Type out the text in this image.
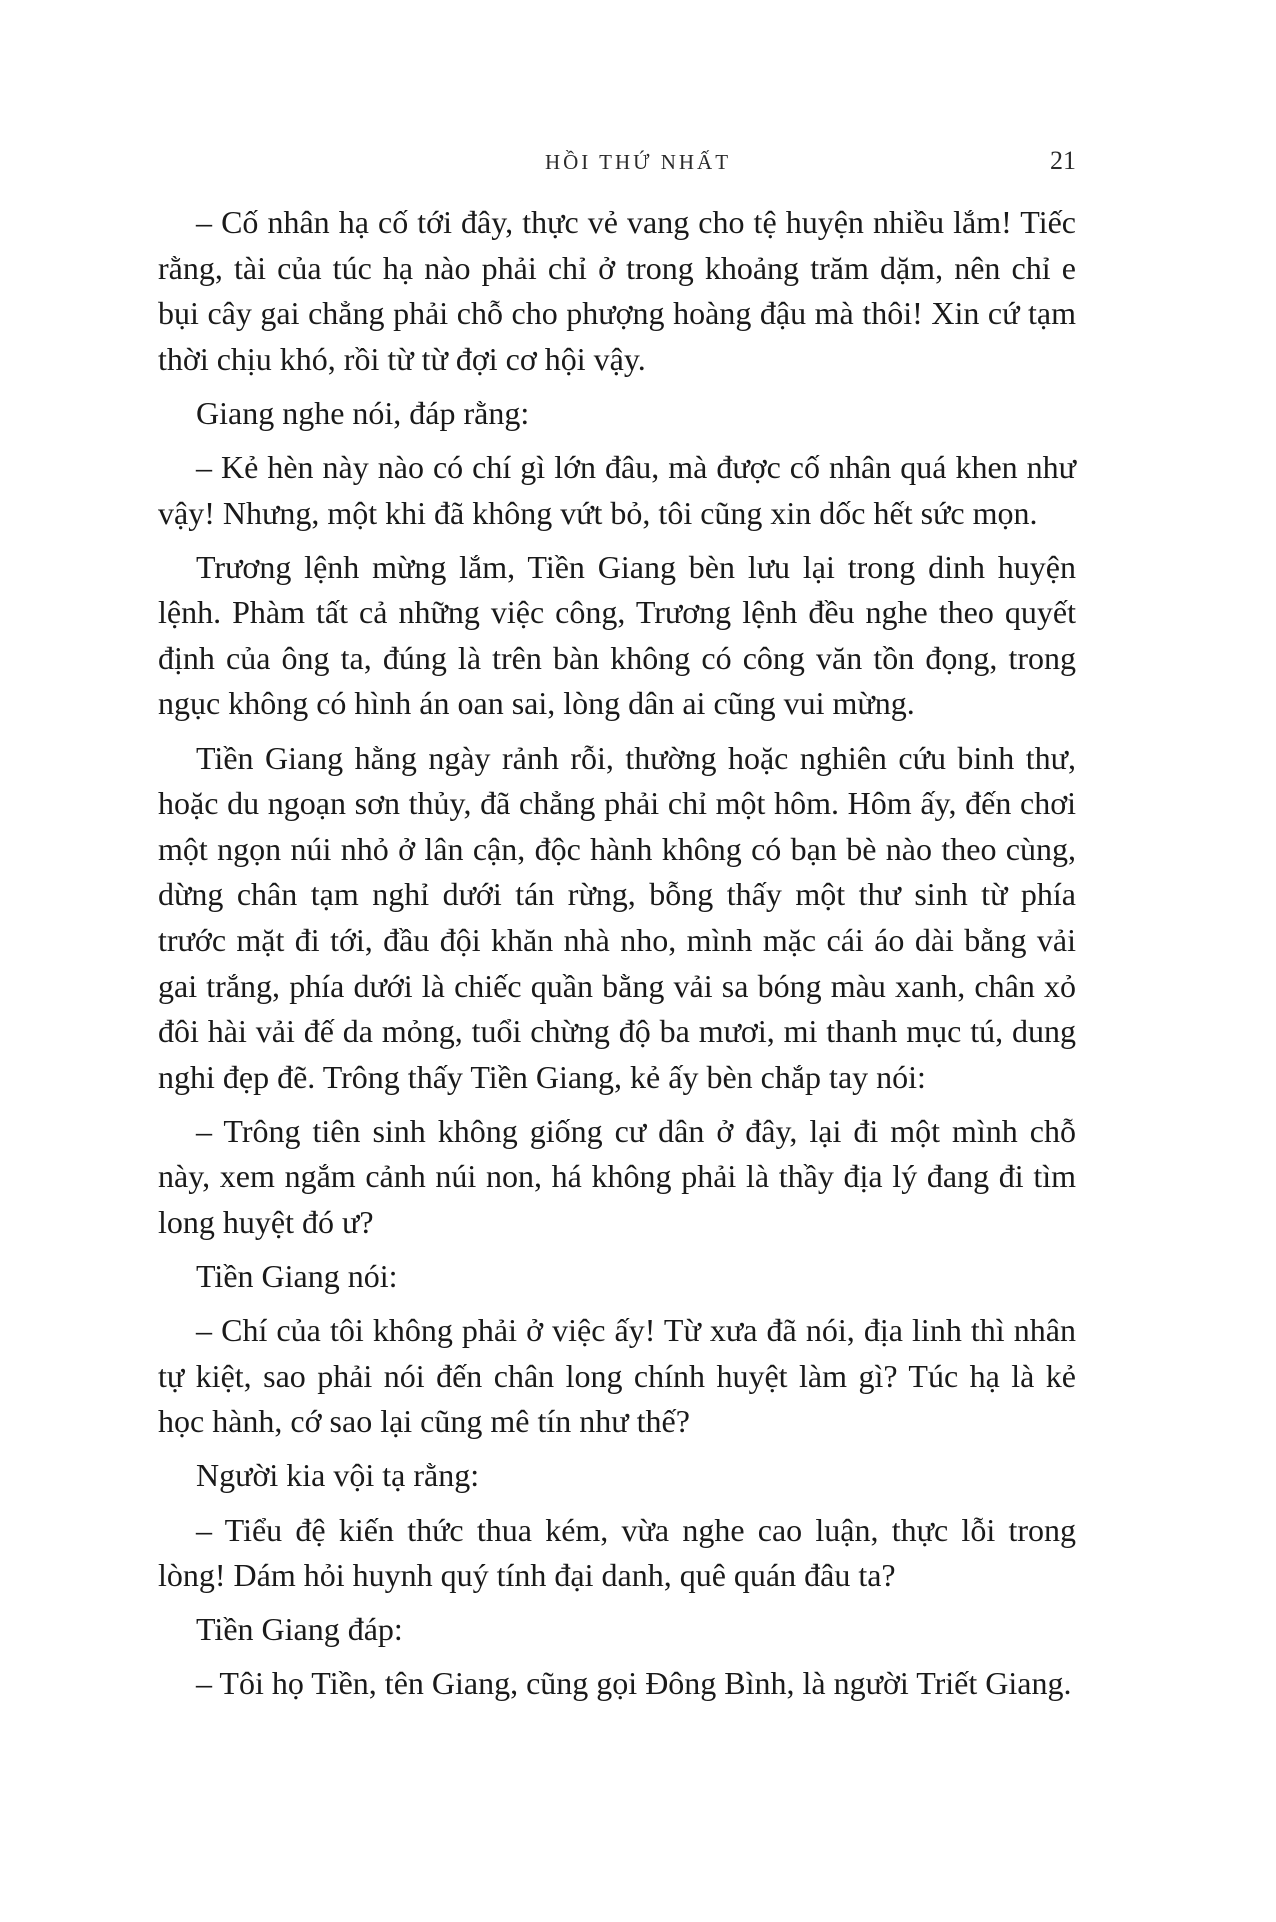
HỒI THỨ NHẤT	21

– Cố nhân hạ cố tới đây, thực vẻ vang cho tệ huyện nhiều lắm! Tiếc rằng, tài của túc hạ nào phải chỉ ở trong khoảng trăm dặm, nên chỉ e bụi cây gai chẳng phải chỗ cho phượng hoàng đậu mà thôi! Xin cứ tạm thời chịu khó, rồi từ từ đợi cơ hội vậy.

Giang nghe nói, đáp rằng:

– Kẻ hèn này nào có chí gì lớn đâu, mà được cố nhân quá khen như vậy! Nhưng, một khi đã không vứt bỏ, tôi cũng xin dốc hết sức mọn.

Trương lệnh mừng lắm, Tiền Giang bèn lưu lại trong dinh huyện lệnh. Phàm tất cả những việc công, Trương lệnh đều nghe theo quyết định của ông ta, đúng là trên bàn không có công văn tồn đọng, trong ngục không có hình án oan sai, lòng dân ai cũng vui mừng.

Tiền Giang hằng ngày rảnh rỗi, thường hoặc nghiên cứu binh thư, hoặc du ngoạn sơn thủy, đã chẳng phải chỉ một hôm. Hôm ấy, đến chơi một ngọn núi nhỏ ở lân cận, độc hành không có bạn bè nào theo cùng, dừng chân tạm nghỉ dưới tán rừng, bỗng thấy một thư sinh từ phía trước mặt đi tới, đầu đội khăn nhà nho, mình mặc cái áo dài bằng vải gai trắng, phía dưới là chiếc quần bằng vải sa bóng màu xanh, chân xỏ đôi hài vải đế da mỏng, tuổi chừng độ ba mươi, mi thanh mục tú, dung nghi đẹp đẽ. Trông thấy Tiền Giang, kẻ ấy bèn chắp tay nói:

– Trông tiên sinh không giống cư dân ở đây, lại đi một mình chỗ này, xem ngắm cảnh núi non, há không phải là thầy địa lý đang đi tìm long huyệt đó ư?

Tiền Giang nói:

– Chí của tôi không phải ở việc ấy! Từ xưa đã nói, địa linh thì nhân tự kiệt, sao phải nói đến chân long chính huyệt làm gì? Túc hạ là kẻ học hành, cớ sao lại cũng mê tín như thế?

Người kia vội tạ rằng:

– Tiểu đệ kiến thức thua kém, vừa nghe cao luận, thực lỗi trong lòng! Dám hỏi huynh quý tính đại danh, quê quán đâu ta?

Tiền Giang đáp:

– Tôi họ Tiền, tên Giang, cũng gọi Đông Bình, là người Triết Giang.
